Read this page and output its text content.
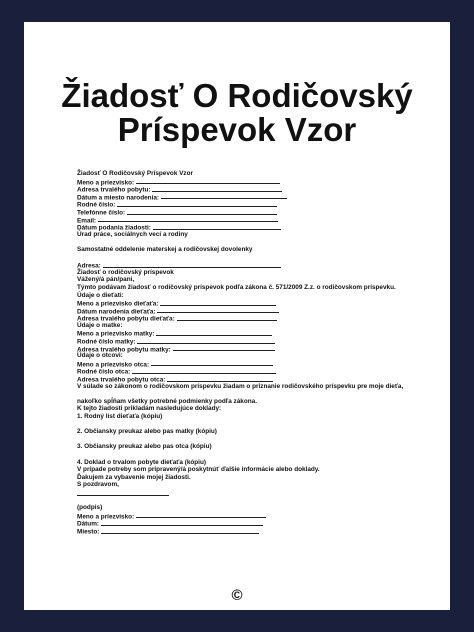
Žiadosť O Rodičovský
Príspevok Vzor
Žiadosť O Rodičovský Príspevok Vzor
Meno a priezvisko:
Adresa trvalého pobytu:
Dátum a miesto narodenia:
Rodné číslo:
Telefónne číslo:
Email:
Dátum podania žiadosti:
Úrad práce, sociálnych vecí a rodiny
Samostatné oddelenie materskej a rodičovskej dovolenky
Adresa:
Žiadosť o rodičovský príspevok
Vážený/á pán/pani,
Týmto podávam žiadosť o rodičovský príspevok podľa zákona č. 571/2009 Z.z. o rodičovskom príspevku.
Údaje o dieťati:
Meno a priezvisko dieťaťa:
Dátum narodenia dieťaťa:
Adresa trvalého pobytu dieťaťa:
Údaje o matke:
Meno a priezvisko matky:
Rodné číslo matky:
Adresa trvalého pobytu matky:
Údaje o otcovi:
Meno a priezvisko otca:
Rodné číslo otca:
Adresa trvalého pobytu otca:
V súlade so zákonom o rodičovskom príspevku žiadam o priznanie rodičovského príspevku pre moje dieťa,
nakoľko spĺňam všetky potrebné podmienky podľa zákona.
K tejto žiadosti prikladám nasledujúce doklady:
1. Rodný list dieťaťa (kópiu)
2. Občiansky preukaz alebo pas matky (kópiu)
3. Občiansky preukaz alebo pas otca (kópiu)
4. Doklad o trvalom pobyte dieťaťa (kópiu)
V prípade potreby som pripravený/á poskytnúť ďalšie informácie alebo doklady.
Ďakujem za vybavenie mojej žiadosti.
S pozdravom,
(podpis)
Meno a priezvisko:
Dátum:
Miesto:
©
